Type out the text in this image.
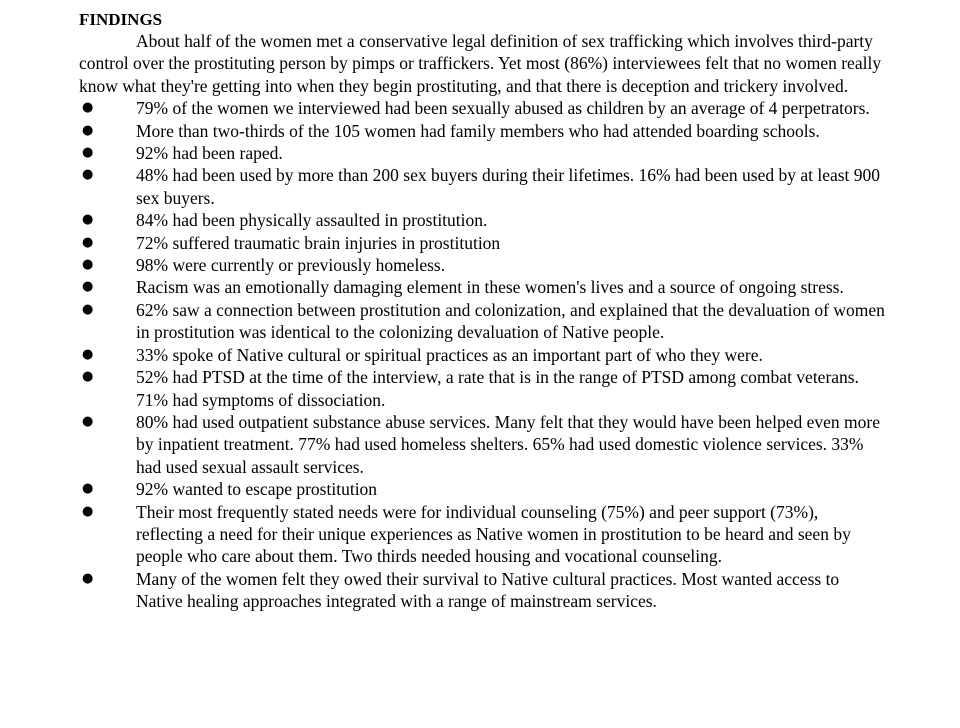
FINDINGS

About half of the women met a conservative legal definition of sex trafficking which involves third-party control over the prostituting person by pimps or traffickers. Yet most (86%) interviewees felt that no women really know what they're getting into when they begin prostituting, and that there is deception and trickery involved.

● 79% of the women we interviewed had been sexually abused as children by an average of 4 perpetrators.
● More than two-thirds of the 105 women had family members who had attended boarding schools.
● 92% had been raped.
● 48% had been used by more than 200 sex buyers during their lifetimes. 16% had been used by at least 900 sex buyers.
● 84% had been physically assaulted in prostitution.
● 72% suffered traumatic brain injuries in prostitution
● 98% were currently or previously homeless.
● Racism was an emotionally damaging element in these women's lives and a source of ongoing stress.
● 62% saw a connection between prostitution and colonization, and explained that the devaluation of women in prostitution was identical to the colonizing devaluation of Native people.
● 33% spoke of Native cultural or spiritual practices as an important part of who they were.
● 52% had PTSD at the time of the interview, a rate that is in the range of PTSD among combat veterans. 71% had symptoms of dissociation.
● 80% had used outpatient substance abuse services. Many felt that they would have been helped even more by inpatient treatment. 77% had used homeless shelters. 65% had used domestic violence services. 33% had used sexual assault services.
● 92% wanted to escape prostitution
● Their most frequently stated needs were for individual counseling (75%) and peer support (73%), reflecting a need for their unique experiences as Native women in prostitution to be heard and seen by people who care about them. Two thirds needed housing and vocational counseling.
● Many of the women felt they owed their survival to Native cultural practices. Most wanted access to Native healing approaches integrated with a range of mainstream services.
